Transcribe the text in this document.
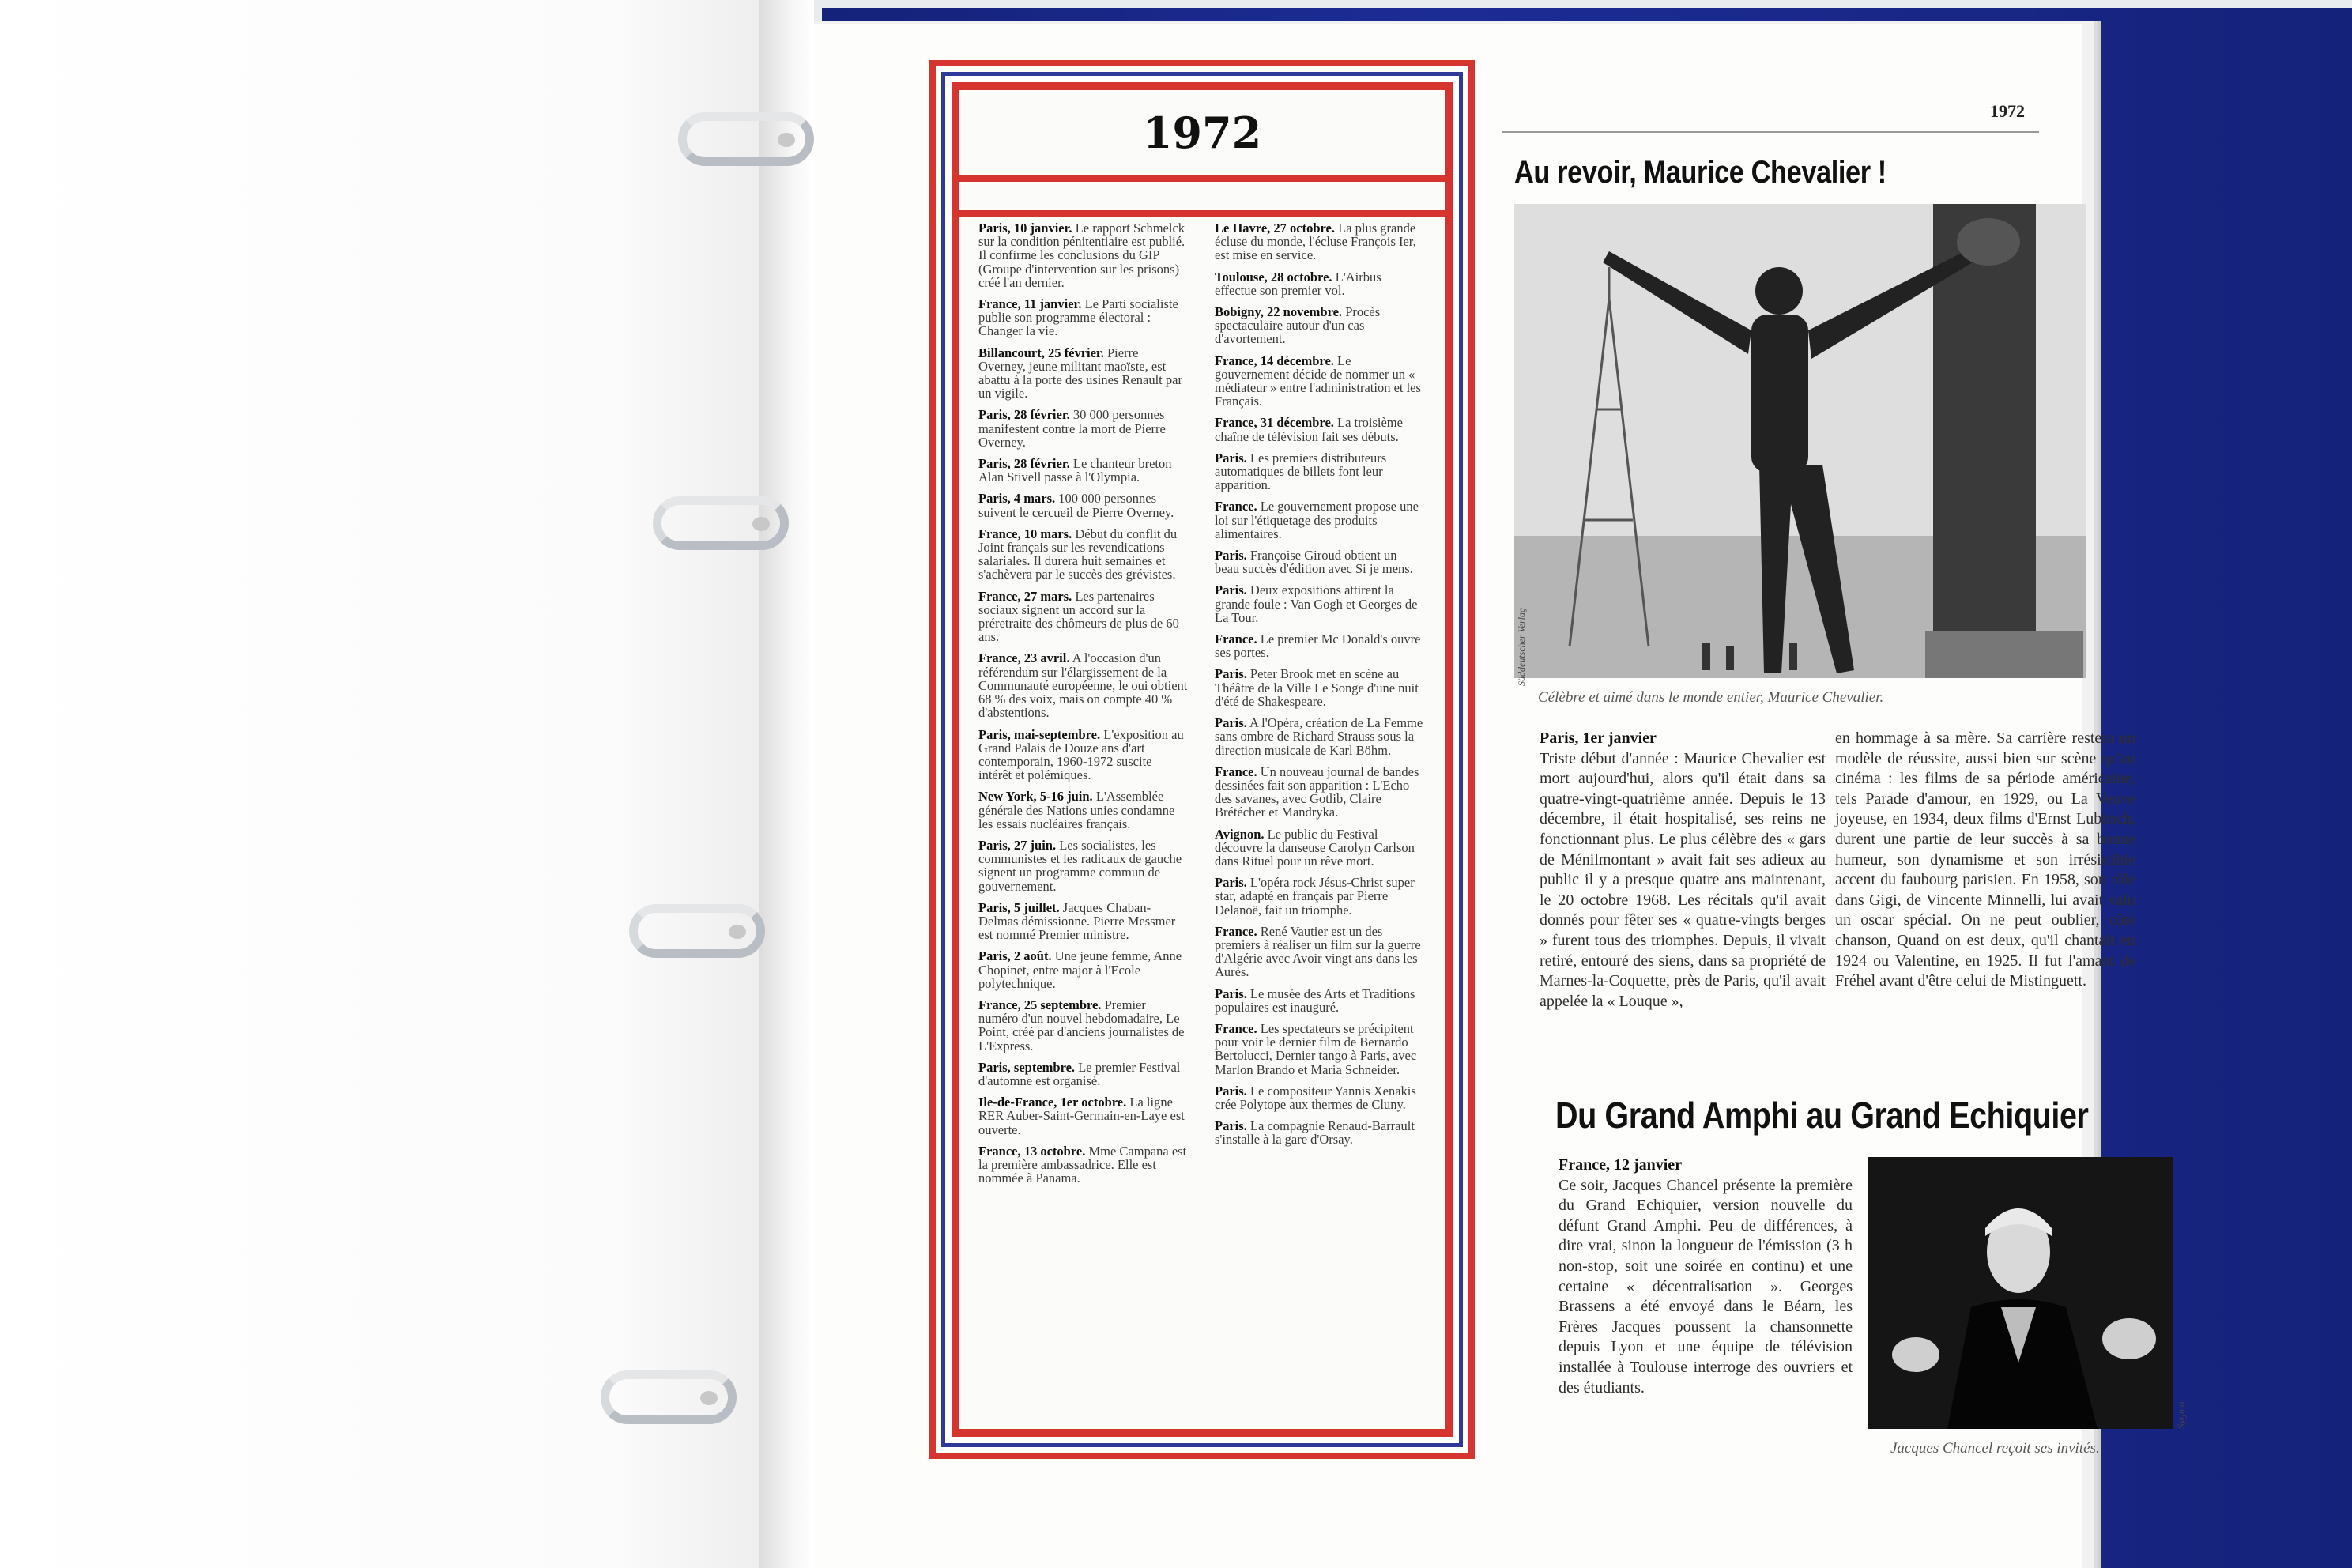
1972

Paris, 10 janvier. Le rapport Schmelck sur la condition pénitentiaire est publié. Il confirme les conclusions du GIP (Groupe d'intervention sur les prisons) créé l'an dernier.

France, 11 janvier. Le Parti socialiste publie son programme électoral : Changer la vie.

Billancourt, 25 février. Pierre Overney, jeune militant maoïste, est abattu à la porte des usines Renault par un vigile.

Paris, 28 février. 30 000 personnes manifestent contre la mort de Pierre Overney.

Paris, 28 février. Le chanteur breton Alan Stivell passe à l'Olympia.

Paris, 4 mars. 100 000 personnes suivent le cercueil de Pierre Overney.

France, 10 mars. Début du conflit du Joint français sur les revendications salariales. Il durera huit semaines et s'achèvera par le succès des grévistes.

France, 27 mars. Les partenaires sociaux signent un accord sur la préretraite des chômeurs de plus de 60 ans.

France, 23 avril. A l'occasion d'un référendum sur l'élargissement de la Communauté européenne, le oui obtient 68 % des voix, mais on compte 40 % d'abstentions.

Paris, mai-septembre. L'exposition au Grand Palais de Douze ans d'art contemporain, 1960-1972 suscite intérêt et polémiques.

New York, 5-16 juin. L'Assemblée générale des Nations unies condamne les essais nucléaires français.

Paris, 27 juin. Les socialistes, les communistes et les radicaux de gauche signent un programme commun de gouvernement.

Paris, 5 juillet. Jacques Chaban-Delmas démissionne. Pierre Messmer est nommé Premier ministre.

Paris, 2 août. Une jeune femme, Anne Chopinet, entre major à l'Ecole polytechnique.

France, 25 septembre. Premier numéro d'un nouvel hebdomadaire, Le Point, créé par d'anciens journalistes de L'Express.

Paris, septembre. Le premier Festival d'automne est organisé.

Ile-de-France, 1er octobre. La ligne RER Auber-Saint-Germain-en-Laye est ouverte.

France, 13 octobre. Mme Campana est la première ambassadrice. Elle est nommée à Panama.

Le Havre, 27 octobre. La plus grande écluse du monde, l'écluse François Ier, est mise en service.

Toulouse, 28 octobre. L'Airbus effectue son premier vol.

Bobigny, 22 novembre. Procès spectaculaire autour d'un cas d'avortement.

France, 14 décembre. Le gouvernement décide de nommer un « médiateur » entre l'administration et les Français.

France, 31 décembre. La troisième chaîne de télévision fait ses débuts.

Paris. Les premiers distributeurs automatiques de billets font leur apparition.

France. Le gouvernement propose une loi sur l'étiquetage des produits alimentaires.

Paris. Françoise Giroud obtient un beau succès d'édition avec Si je mens.

Paris. Deux expositions attirent la grande foule : Van Gogh et Georges de La Tour.

France. Le premier Mc Donald's ouvre ses portes.

Paris. Peter Brook met en scène au Théâtre de la Ville Le Songe d'une nuit d'été de Shakespeare.

Paris. A l'Opéra, création de La Femme sans ombre de Richard Strauss sous la direction musicale de Karl Böhm.

France. Un nouveau journal de bandes dessinées fait son apparition : L'Echo des savanes, avec Gotlib, Claire Brétécher et Mandryka.

Avignon. Le public du Festival découvre la danseuse Carolyn Carlson dans Rituel pour un rêve mort.

Paris. L'opéra rock Jésus-Christ super star, adapté en français par Pierre Delanoë, fait un triomphe.

France. René Vautier est un des premiers à réaliser un film sur la guerre d'Algérie avec Avoir vingt ans dans les Aurès.

Paris. Le musée des Arts et Traditions populaires est inauguré.

France. Les spectateurs se précipitent pour voir le dernier film de Bernardo Bertolucci, Dernier tango à Paris, avec Marlon Brando et Maria Schneider.

Paris. Le compositeur Yannis Xenakis crée Polytope aux thermes de Cluny.

Paris. La compagnie Renaud-Barrault s'installe à la gare d'Orsay.

1972
Au revoir, Maurice Chevalier !
Süddeutscher Verlag
Célèbre et aimé dans le monde entier, Maurice Chevalier.
Paris, 1er janvier
Triste début d'année : Maurice Chevalier est mort aujourd'hui, alors qu'il était dans sa quatre-vingt-quatrième année. Depuis le 13 décembre, il était hospitalisé, ses reins ne fonctionnant plus. Le plus célèbre des « gars de Ménilmontant » avait fait ses adieux au public il y a presque quatre ans maintenant, le 20 octobre 1968. Les récitals qu'il avait donnés pour fêter ses « quatre-vingts berges » furent tous des triomphes. Depuis, il vivait retiré, entouré des siens, dans sa propriété de Marnes-la-Coquette, près de Paris, qu'il avait appelée la « Louque »,
en hommage à sa mère. Sa carrière restera un modèle de réussite, aussi bien sur scène qu'au cinéma : les films de sa période américaine, tels Parade d'amour, en 1929, ou La Veuve joyeuse, en 1934, deux films d'Ernst Lubitsch, durent une partie de leur succès à sa bonne humeur, son dynamisme et son irrésistible accent du faubourg parisien. En 1958, son rôle dans Gigi, de Vincente Minnelli, lui avait valu un oscar spécial. On ne peut oublier, côté chanson, Quand on est deux, qu'il chantait en 1924 ou Valentine, en 1925. Il fut l'amant de Fréhel avant d'être celui de Mistinguett.
Du Grand Amphi au Grand Echiquier
France, 12 janvier
Ce soir, Jacques Chancel présente la première du Grand Echiquier, version nouvelle du défunt Grand Amphi. Peu de différences, à dire vrai, sinon la longueur de l'émission (3 h non-stop, soit une soirée en continu) et une certaine « décentralisation ». Georges Brassens a été envoyé dans le Béarn, les Frères Jacques poussent la chansonnette depuis Lyon et une équipe de télévision installée à Toulouse interroge des ouvriers et des étudiants.
Sygma
Jacques Chancel reçoit ses invités.
